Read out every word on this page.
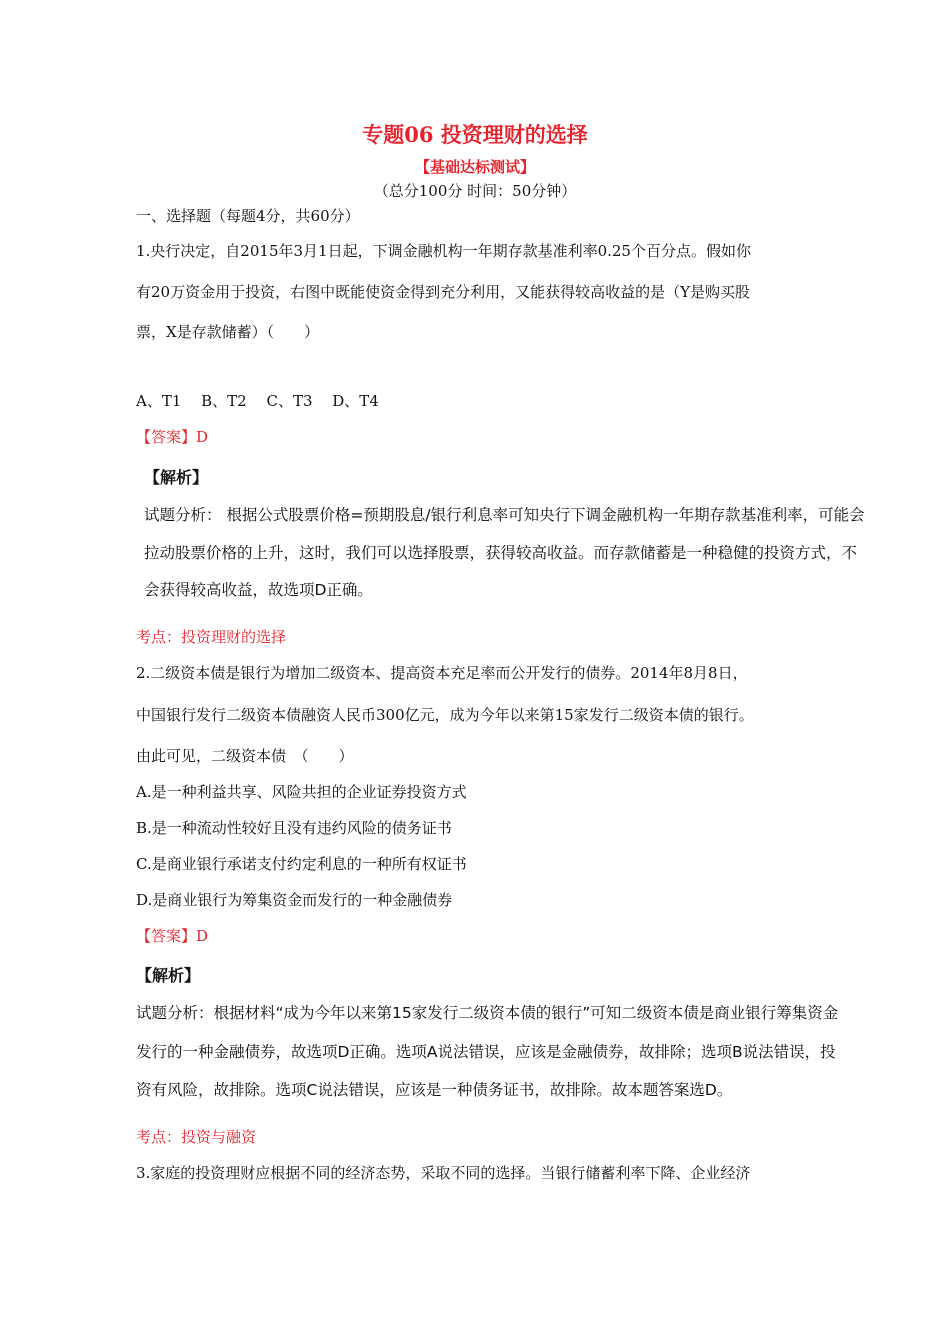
专题06 投资理财的选择
【基础达标测试】
（总分100分 时间：50分钟）
一、选择题（每题4分，共60分）
1.央行决定，自2015年3月1日起，下调金融机构一年期存款基准利率0.25个百分点。假如你
有20万资金用于投资，右图中既能使资金得到充分利用，又能获得较高收益的是（Y是购买股
票，X是存款储蓄）（　　）
A、T1　 B、T2　 C、T3　 D、T4
【答案】D
【解析】
试题分析： 根据公式股票价格=预期股息/银行利息率可知央行下调金融机构一年期存款基准利率，可能会
拉动股票价格的上升，这时，我们可以选择股票，获得较高收益。而存款储蓄是一种稳健的投资方式，不
会获得较高收益，故选项D正确。
考点：投资理财的选择
2.二级资本债是银行为增加二级资本、提高资本充足率而公开发行的债券。2014年8月8日，
中国银行发行二级资本债融资人民币300亿元，成为今年以来第15家发行二级资本债的银行。
由此可见，二级资本债　（　　）
A.是一种利益共享、风险共担的企业证券投资方式
B.是一种流动性较好且没有违约风险的债务证书
C.是商业银行承诺支付约定利息的一种所有权证书
D.是商业银行为筹集资金而发行的一种金融债券
【答案】D
【解析】
试题分析：根据材料“成为今年以来第15家发行二级资本债的银行”可知二级资本债是商业银行筹集资金
发行的一种金融债券，故选项D正确。选项A说法错误，应该是金融债券，故排除；选项B说法错误，投
资有风险，故排除。选项C说法错误，应该是一种债务证书，故排除。故本题答案选D。
考点：投资与融资
3.家庭的投资理财应根据不同的经济态势，采取不同的选择。当银行储蓄利率下降、企业经济
